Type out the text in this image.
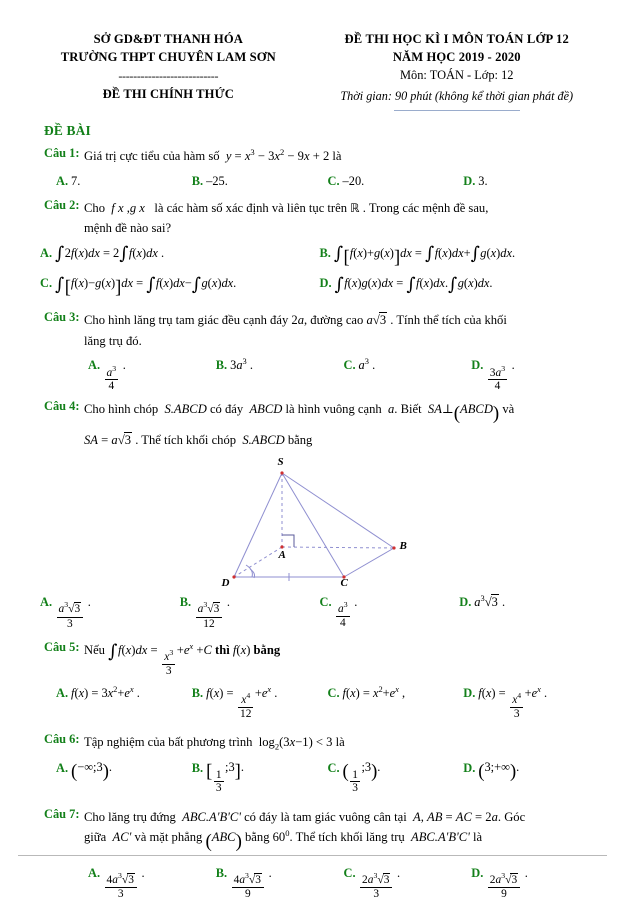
SỞ GD&ĐT THANH HÓA
TRƯỜNG THPT CHUYÊN LAM SƠN
---------------------------
ĐỀ THI CHÍNH THỨC
ĐỀ THI HỌC KÌ I MÔN TOÁN LỚP 12
NĂM HỌC 2019 - 2020
Môn: TOÁN - Lớp: 12
Thời gian: 90 phút (không kể thời gian phát đề)
ĐỀ BÀI
Câu 1: Giá trị cực tiểu của hàm số  $y = x^3 - 3x^2 - 9x + 2$ là
A. 7.	B. –25.	C. –20.	D. 3.
Câu 2: Cho  f x ,g x   là các hàm số xác định và liên tục trên ℝ . Trong các mệnh đề sau,
mệnh đề nào sai?
A. ∫2f(x)dx = 2∫f(x)dx .	B. ∫[f(x)+g(x)]dx = ∫f(x)dx+∫g(x)dx.
C. ∫[f(x)−g(x)]dx = ∫f(x)dx−∫g(x)dx.	D. ∫f(x)g(x)dx = ∫f(x)dx.∫g(x)dx.
Câu 3: Cho hình lăng trụ tam giác đều cạnh đáy 2a, đường cao a√3 . Tính thể tích của khối
lăng trụ đó.
A.
$\frac{a^3}{4}$
.	B. $3a^3$ .	C. $a^3$ .	D.
$\frac{3a^3}{4}$
.
Câu 4: Cho hình chóp  S.ABCD có đáy  ABCD là hình vuông cạnh  a. Biết  SA⊥(ABCD) và
SA = a√3 . Thể tích khối chóp  S.ABCD bằng
S
A
B
C
D
A.
$\frac{a^3√3}{3}$
.	B.
$\frac{a^3√3}{12}$
.	C.
$\frac{a^3}{4}$
.	D. $a^3√3$ .
Câu 5: Nếu ∫f(x)dx =
$\frac{x^3}{3}$
$+e^x +C$ thì f(x) bằng
A. $f(x) = 3x^2+e^x$ .	B. f(x) =
$\frac{x^4}{12}$
$+e^x$ .	C. $f(x) = x^2+e^x$ ,	D. f(x) =
$\frac{x^4}{3}$
$+e^x$ .
Câu 6: Tập nghiệm của bất phương trình  $\log_2(3x-1) < 3$ là
A. (−∞;3).	B. [ $\frac{1}{3}$
;3].	C. ( $\frac{1}{3}$
;3).	D. (3;+∞).
Câu 7: Cho lăng trụ đứng  ABC.A'B'C' có đáy là tam giác vuông cân tại  A, AB = AC = 2a. Góc
giữa  AC' và mặt phẳng (ABC) bằng $60^0$. Thể tích khối lăng trụ  ABC.A'B'C' là
A.
$\frac{4a^3√3}{3}$
.	B.
$\frac{4a^3√3}{9}$
.	C.
$\frac{2a^3√3}{3}$
.	D.
$\frac{2a^3√3}{9}$
.
